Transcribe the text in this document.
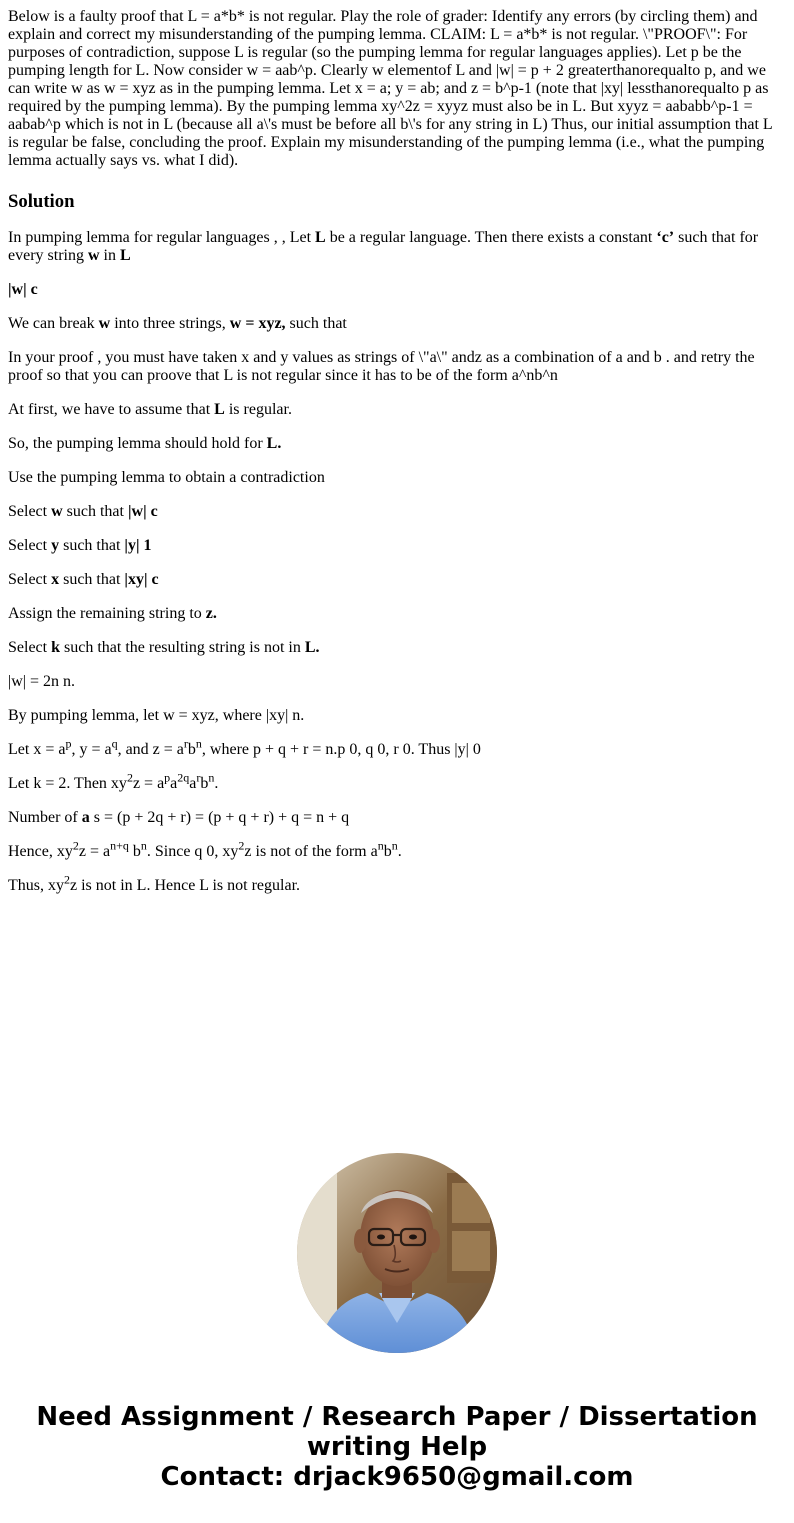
Below is a faulty proof that L = a*b* is not regular. Play the role of grader: Identify any errors (by circling them) and explain and correct my misunderstanding of the pumping lemma. CLAIM: L = a*b* is not regular. \"PROOF\": For purposes of contradiction, suppose L is regular (so the pumping lemma for regular languages applies). Let p be the pumping length for L. Now consider w = aab^p. Clearly w elementof L and |w| = p + 2 greaterthanorequalto p, and we can write w as w = xyz as in the pumping lemma. Let x = a; y = ab; and z = b^p-1 (note that |xy| lessthanorequalto p as required by the pumping lemma). By the pumping lemma xy^2z = xyyz must also be in L. But xyyz = aababb^p-1 = aabab^p which is not in L (because all a\'s must be before all b\'s for any string in L) Thus, our initial assumption that L is regular be false, concluding the proof. Explain my misunderstanding of the pumping lemma (i.e., what the pumping lemma actually says vs. what I did).

Solution

In pumping lemma for regular languages , , Let L be a regular language. Then there exists a constant ‘c’ such that for every string w in L

|w| c

We can break w into three strings, w = xyz, such that

In your proof , you must have taken x and y values as strings of \"a\" andz as a combination of a and b . and retry the proof so that you can proove that L is not regular since it has to be of the form a^nb^n

At first, we have to assume that L is regular.

So, the pumping lemma should hold for L.

Use the pumping lemma to obtain a contradiction

Select w such that |w| c

Select y such that |y| 1

Select x such that |xy| c

Assign the remaining string to z.

Select k such that the resulting string is not in L.

|w| = 2n n.

By pumping lemma, let w = xyz, where |xy| n.

Let $x = a^p$, $y = a^q$, and $z = a^rb^n$, where p + q + r = n.p 0, q 0, r 0. Thus |y| 0

Let k = 2. Then $xy^2z = a^pa^{2q}a^rb^n$.

Number of a s = (p + 2q + r) = (p + q + r) + q = n + q

Hence, $xy^2z = a^{n+q}$ $b^n$. Since q 0, $xy^2z$ is not of the form $a^nb^n$.

Thus, $xy^2z$ is not in L. Hence L is not regular.

Need Assignment / Research Paper / Dissertation
writing Help
Contact: drjack9650@gmail.com
